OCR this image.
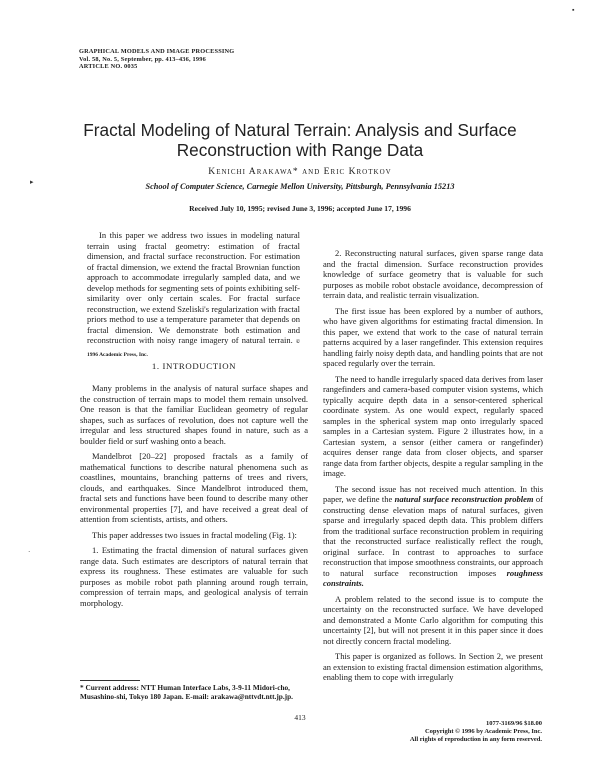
GRAPHICAL MODELS AND IMAGE PROCESSING
Vol. 58, No. 5, September, pp. 413–436, 1996
ARTICLE NO. 0035
▪
▸
·
Fractal Modeling of Natural Terrain: Analysis and Surface
Reconstruction with Range Data
Kenichi Arakawa* and Eric Krotkov
School of Computer Science, Carnegie Mellon University, Pittsburgh, Pennsylvania 15213
Received July 10, 1995; revised June 3, 1996; accepted June 17, 1996

In this paper we address two issues in modeling natural terrain using fractal geometry: estimation of fractal dimension, and fractal surface reconstruction. For estimation of fractal dimension, we extend the fractal Brownian function approach to accommodate irregularly sampled data, and we develop methods for segmenting sets of points exhibiting self-similarity over only certain scales. For fractal surface reconstruction, we extend Szeliski's regularization with fractal priors method to use a temperature parameter that depends on fractal dimension. We demonstrate both estimation and reconstruction with noisy range imagery of natural terrain. © 1996 Academic Press, Inc.

1. INTRODUCTION

Many problems in the analysis of natural surface shapes and the construction of terrain maps to model them remain unsolved. One reason is that the familiar Euclidean geometry of regular shapes, such as surfaces of revolution, does not capture well the irregular and less structured shapes found in nature, such as a boulder field or surf washing onto a beach.

Mandelbrot [20–22] proposed fractals as a family of mathematical functions to describe natural phenomena such as coastlines, mountains, branching patterns of trees and rivers, clouds, and earthquakes. Since Mandelbrot introduced them, fractal sets and functions have been found to describe many other environmental properties [7], and have received a great deal of attention from scientists, artists, and others.

This paper addresses two issues in fractal modeling (Fig. 1):

1. Estimating the fractal dimension of natural surfaces given range data. Such estimates are descriptors of natural terrain that express its roughness. These estimates are valuable for such purposes as mobile robot path planning around rough terrain, compression of terrain maps, and geological analysis of terrain morphology.

* Current address: NTT Human Interface Labs, 3-9-11 Midori-cho, Musashino-shi, Tokyo 180 Japan. E-mail: arakawa@nttvdt.ntt.jp.jp.

2. Reconstructing natural surfaces, given sparse range data and the fractal dimension. Surface reconstruction provides knowledge of surface geometry that is valuable for such purposes as mobile robot obstacle avoidance, decompression of terrain data, and realistic terrain visualization.

The first issue has been explored by a number of authors, who have given algorithms for estimating fractal dimension. In this paper, we extend that work to the case of natural terrain patterns acquired by a laser rangefinder. This extension requires handling fairly noisy depth data, and handling points that are not spaced regularly over the terrain.

The need to handle irregularly spaced data derives from laser rangefinders and camera-based computer vision systems, which typically acquire depth data in a sensor-centered spherical coordinate system. As one would expect, regularly spaced samples in the spherical system map onto irregularly spaced samples in a Cartesian system. Figure 2 illustrates how, in a Cartesian system, a sensor (either camera or rangefinder) acquires denser range data from closer objects, and sparser range data from farther objects, despite a regular sampling in the image.

The second issue has not received much attention. In this paper, we define the natural surface reconstruction problem of constructing dense elevation maps of natural surfaces, given sparse and irregularly spaced depth data. This problem differs from the traditional surface reconstruction problem in requiring that the reconstructed surface realistically reflect the rough, original surface. In contrast to approaches to surface reconstruction that impose smoothness constraints, our approach to natural surface reconstruction imposes roughness constraints.

A problem related to the second issue is to compute the uncertainty on the reconstructed surface. We have developed and demonstrated a Monte Carlo algorithm for computing this uncertainty [2], but will not present it in this paper since it does not directly concern fractal modeling.

This paper is organized as follows. In Section 2, we present an extension to existing fractal dimension estimation algorithms, enabling them to cope with irregularly

413
1077-3169/96 $18.00
Copyright © 1996 by Academic Press, Inc.
All rights of reproduction in any form reserved.
